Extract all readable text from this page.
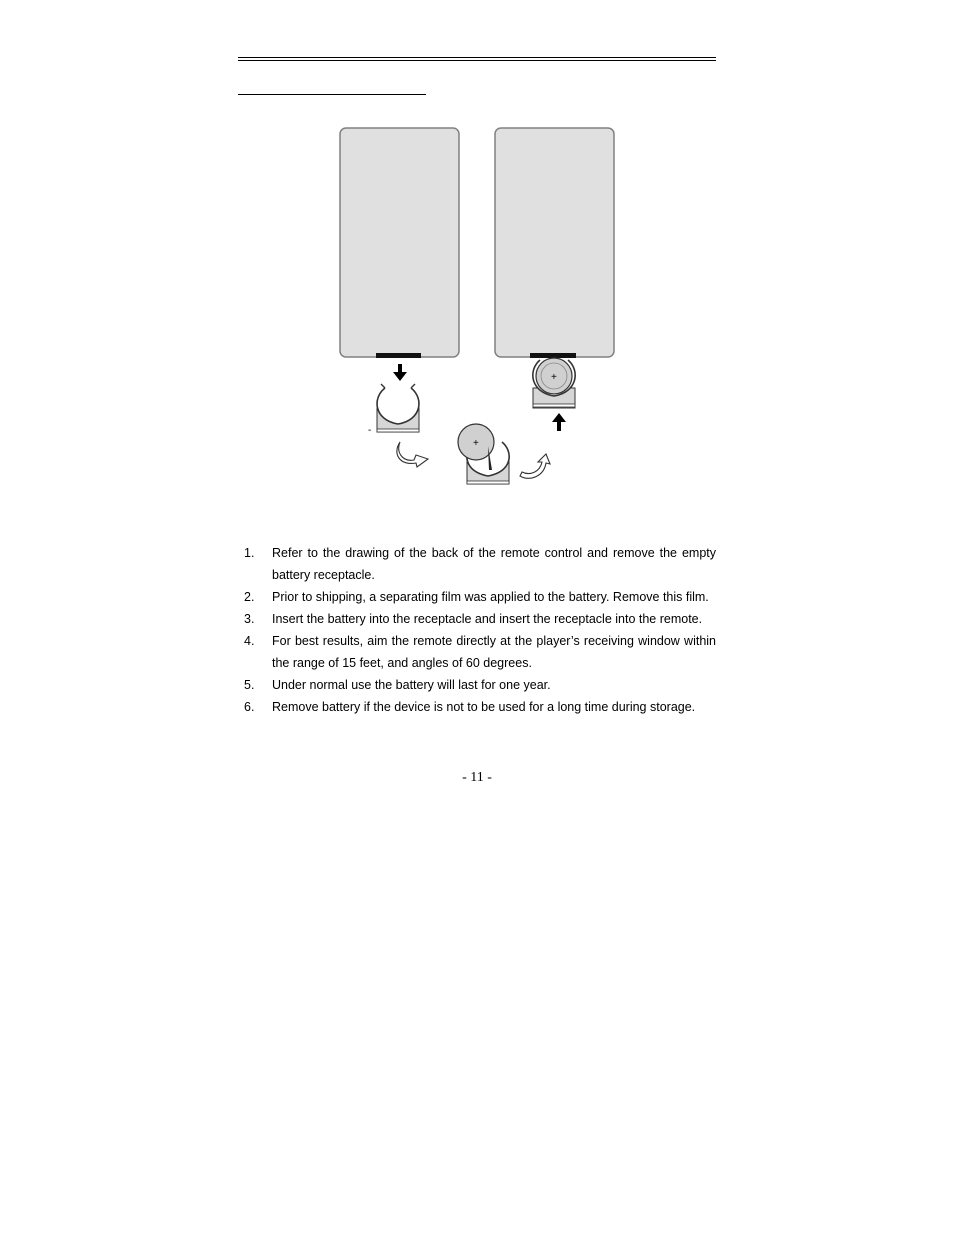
-
+
+
1. Refer to the drawing of the back of the remote control and remove the empty battery receptacle.
2. Prior to shipping, a separating film was applied to the battery. Remove this film.
3. Insert the battery into the receptacle and insert the receptacle into the remote.
4. For best results, aim the remote directly at the player’s receiving window within the range of 15 feet, and angles of 60 degrees.
5. Under normal use the battery will last for one year.
6. Remove battery if the device is not to be used for a long time during storage.
- 11 -
